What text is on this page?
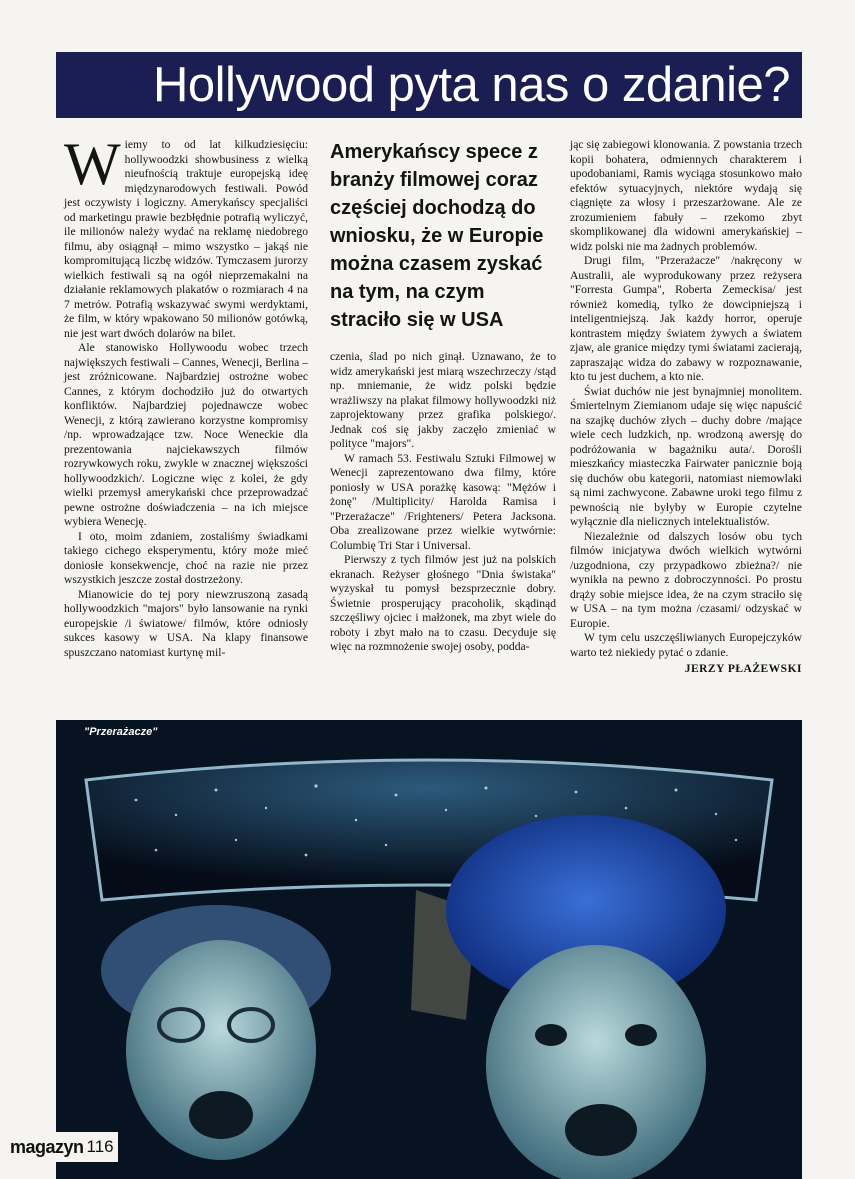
Hollywood pyta nas o zdanie?

Wiemy to od lat kilkudziesięciu: hollywoodzki showbusiness z wielką nieufnością traktuje europejską ideę międzynarodowych festiwali. Powód jest oczywisty i logiczny. Amerykańscy specjaliści od marketingu prawie bezbłędnie potrafią wyliczyć, ile milionów należy wydać na reklamę niedobrego filmu, aby osiągnął – mimo wszystko – jakąś nie kompromitującą liczbę widzów. Tymczasem jurorzy wielkich festiwali są na ogół nieprzemakalni na działanie reklamowych plakatów o rozmiarach 4 na 7 metrów. Potrafią wskazywać swymi werdyktami, że film, w który wpakowano 50 milionów gotówką, nie jest wart dwóch dolarów na bilet.

Ale stanowisko Hollywoodu wobec trzech największych festiwali – Cannes, Wenecji, Berlina – jest zróżnicowane. Najbardziej ostrożne wobec Cannes, z którym dochodziło już do otwartych konfliktów. Najbardziej pojednawcze wobec Wenecji, z którą zawierano korzystne kompromisy /np. wprowadzające tzw. Noce Weneckie dla prezentowania najciekawszych filmów rozrywkowych roku, zwykle w znacznej większości hollywoodzkich/. Logiczne więc z kolei, że gdy wielki przemysł amerykański chce przeprowadzać pewne ostrożne doświadczenia – na ich miejsce wybiera Wenecję.

I oto, moim zdaniem, zostaliśmy świadkami takiego cichego eksperymentu, który może mieć doniosłe konsekwencje, choć na razie nie przez wszystkich jeszcze został dostrzeżony.

Mianowicie do tej pory niewzruszoną zasadą hollywoodzkich "majors" było lansowanie na rynki europejskie /i światowe/ filmów, które odniosły sukces kasowy w USA. Na klapy finansowe spuszczano natomiast kurtynę mil-

Amerykańscy spece z branży filmowej coraz częściej dochodzą do wniosku, że w Europie można czasem zyskać na tym, na czym straciło się w USA

czenia, ślad po nich ginął. Uznawano, że to widz amerykański jest miarą wszechrzeczy /stąd np. mniemanie, że widz polski będzie wrażliwszy na plakat filmowy hollywoodzki niż zaprojektowany przez grafika polskiego/. Jednak coś się jakby zaczęło zmieniać w polityce "majors".

W ramach 53. Festiwalu Sztuki Filmowej w Wenecji zaprezentowano dwa filmy, które poniosły w USA porażkę kasową: "Mężów i żonę" /Multiplicity/ Harolda Ramisa i "Przerażacze" /Frighteners/ Petera Jacksona. Oba zrealizowane przez wielkie wytwórnie: Columbię Tri Star i Universal.

Pierwszy z tych filmów jest już na polskich ekranach. Reżyser głośnego "Dnia świstaka" wyzyskał tu pomysł bezsprzecznie dobry. Świetnie prosperujący pracoholik, skądinąd szczęśliwy ojciec i małżonek, ma zbyt wiele do roboty i zbyt mało na to czasu. Decyduje się więc na rozmnożenie swojej osoby, podda-

jąc się zabiegowi klonowania. Z powstania trzech kopii bohatera, odmiennych charakterem i upodobaniami, Ramis wyciąga stosunkowo mało efektów sytuacyjnych, niektóre wydają się ciągnięte za włosy i przeszarżowane. Ale ze zrozumieniem fabuły – rzekomo zbyt skomplikowanej dla widowni amerykańskiej – widz polski nie ma żadnych problemów.

Drugi film, "Przerażacze" /nakręcony w Australii, ale wyprodukowany przez reżysera "Forresta Gumpa", Roberta Zemeckisa/ jest również komedią, tylko że dowcipniejszą i inteligentniejszą. Jak każdy horror, operuje kontrastem między światem żywych a światem zjaw, ale granice między tymi światami zacierają, zapraszając widza do zabawy w rozpoznawanie, kto tu jest duchem, a kto nie.

Świat duchów nie jest bynajmniej monolitem. Śmiertelnym Ziemianom udaje się więc napuścić na szajkę duchów złych – duchy dobre /mające wiele cech ludzkich, np. wrodzoną awersję do podróżowania w bagażniku auta/. Dorośli mieszkańcy miasteczka Fairwater panicznie boją się duchów obu kategorii, natomiast niemowlaki są nimi zachwycone. Zabawne uroki tego filmu z pewnością nie byłyby w Europie czytelne wyłącznie dla nielicznych intelektualistów.

Niezależnie od dalszych losów obu tych filmów inicjatywa dwóch wielkich wytwórni /uzgodniona, czy przypadkowo zbieżna?/ nie wynikła na pewno z dobroczynności. Po prostu drąży sobie miejsce idea, że na czym straciło się w USA – na tym można /czasami/ odzyskać w Europie.

W tym celu uszczęśliwianych Europejczyków warto też niekiedy pytać o zdanie.

JERZY PŁAŻEWSKI
"Przerażacze"
magazyn 116
